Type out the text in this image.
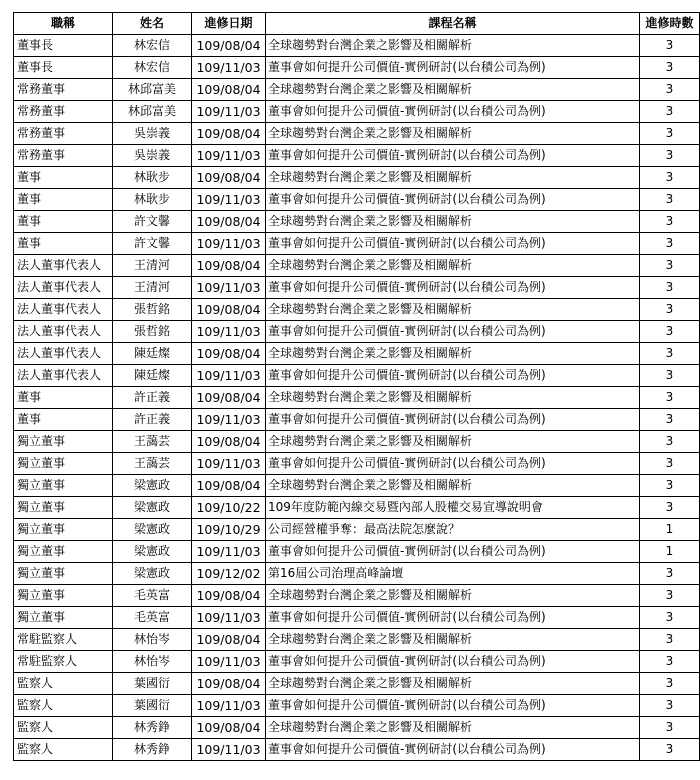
職稱	姓名	進修日期	課程名稱	進修時數
董事長	林宏信	109/08/04	全球趨勢對台灣企業之影響及相關解析	3
董事長	林宏信	109/11/03	董事會如何提升公司價值-實例研討(以台積公司為例)	3
常務董事	林邱富美	109/08/04	全球趨勢對台灣企業之影響及相關解析	3
常務董事	林邱富美	109/11/03	董事會如何提升公司價值-實例研討(以台積公司為例)	3
常務董事	吳崇義	109/08/04	全球趨勢對台灣企業之影響及相關解析	3
常務董事	吳崇義	109/11/03	董事會如何提升公司價值-實例研討(以台積公司為例)	3
董事	林耿步	109/08/04	全球趨勢對台灣企業之影響及相關解析	3
董事	林耿步	109/11/03	董事會如何提升公司價值-實例研討(以台積公司為例)	3
董事	許文馨	109/08/04	全球趨勢對台灣企業之影響及相關解析	3
董事	許文馨	109/11/03	董事會如何提升公司價值-實例研討(以台積公司為例)	3
法人董事代表人	王清河	109/08/04	全球趨勢對台灣企業之影響及相關解析	3
法人董事代表人	王清河	109/11/03	董事會如何提升公司價值-實例研討(以台積公司為例)	3
法人董事代表人	張哲銘	109/08/04	全球趨勢對台灣企業之影響及相關解析	3
法人董事代表人	張哲銘	109/11/03	董事會如何提升公司價值-實例研討(以台積公司為例)	3
法人董事代表人	陳廷燦	109/08/04	全球趨勢對台灣企業之影響及相關解析	3
法人董事代表人	陳廷燦	109/11/03	董事會如何提升公司價值-實例研討(以台積公司為例)	3
董事	許正義	109/08/04	全球趨勢對台灣企業之影響及相關解析	3
董事	許正義	109/11/03	董事會如何提升公司價值-實例研討(以台積公司為例)	3
獨立董事	王藹芸	109/08/04	全球趨勢對台灣企業之影響及相關解析	3
獨立董事	王藹芸	109/11/03	董事會如何提升公司價值-實例研討(以台積公司為例)	3
獨立董事	梁憲政	109/08/04	全球趨勢對台灣企業之影響及相關解析	3
獨立董事	梁憲政	109/10/22	109年度防範內線交易暨內部人股權交易宣導說明會	3
獨立董事	梁憲政	109/10/29	公司經營權爭奪：最高法院怎麼說？	1
獨立董事	梁憲政	109/11/03	董事會如何提升公司價值-實例研討(以台積公司為例)	1
獨立董事	梁憲政	109/12/02	第16屆公司治理高峰論壇	3
獨立董事	毛英富	109/08/04	全球趨勢對台灣企業之影響及相關解析	3
獨立董事	毛英富	109/11/03	董事會如何提升公司價值-實例研討(以台積公司為例)	3
常駐監察人	林怡岑	109/08/04	全球趨勢對台灣企業之影響及相關解析	3
常駐監察人	林怡岑	109/11/03	董事會如何提升公司價值-實例研討(以台積公司為例)	3
監察人	葉國衍	109/08/04	全球趨勢對台灣企業之影響及相關解析	3
監察人	葉國衍	109/11/03	董事會如何提升公司價值-實例研討(以台積公司為例)	3
監察人	林秀錚	109/08/04	全球趨勢對台灣企業之影響及相關解析	3
監察人	林秀錚	109/11/03	董事會如何提升公司價值-實例研討(以台積公司為例)	3
